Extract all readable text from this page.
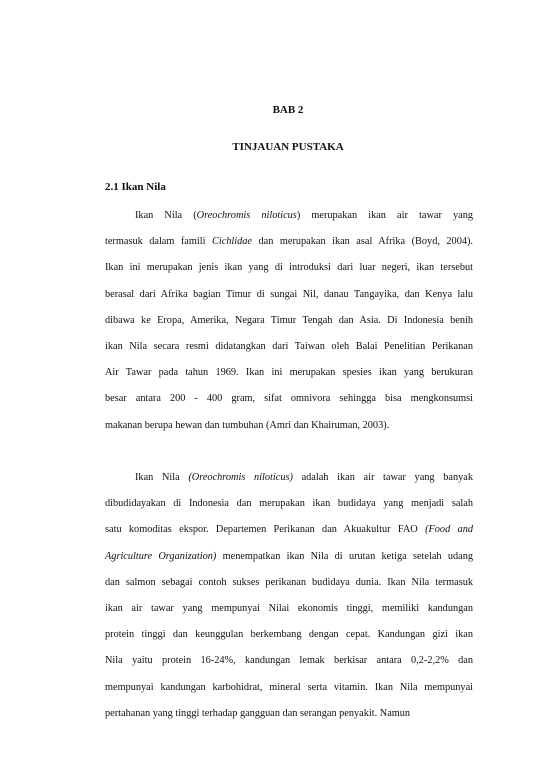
BAB 2
TINJAUAN PUSTAKA
2.1 Ikan Nila

Ikan Nila (Oreochromis niloticus) merupakan ikan air tawar yang
termasuk dalam famili Cichlidae dan merupakan ikan asal Afrika (Boyd, 2004).
Ikan ini merupakan jenis ikan yang di introduksi dari luar negeri, ikan tersebut
berasal dari Afrika bagian Timur di sungai Nil, danau Tangayika, dan Kenya lalu
dibawa ke Eropa, Amerika, Negara Timur Tengah dan Asia. Di Indonesia benih
ikan Nila secara resmi didatangkan dari Taiwan oleh Balai Penelitian Perikanan
Air Tawar pada tahun 1969. Ikan ini merupakan spesies ikan yang berukuran
besar antara 200 - 400 gram, sifat omnivora sehingga bisa mengkonsumsi
makanan berupa hewan dan tumbuhan (Amri dan Khairuman, 2003).

Ikan Nila (Oreochromis niloticus) adalah ikan air tawar yang banyak
dibudidayakan di Indonesia dan merupakan ikan budidaya yang menjadi salah
satu komoditas ekspor. Departemen Perikanan dan Akuakultur FAO (Food and
Agriculture Organization) menempatkan ikan Nila di urutan ketiga setelah udang
dan salmon sebagai contoh sukses perikanan budidaya dunia. Ikan Nila termasuk
ikan air tawar yang mempunyai Nilai ekonomis tinggi, memiliki kandungan
protein tinggi dan keunggulan berkembang dengan cepat. Kandungan gizi ikan
Nila yaitu protein 16-24%, kandungan lemak berkisar antara 0,2-2,2% dan
mempunyai kandungan karbohidrat, mineral serta vitamin. Ikan Nila mempunyai
pertahanan yang tinggi terhadap gangguan dan serangan penyakit. Namun
